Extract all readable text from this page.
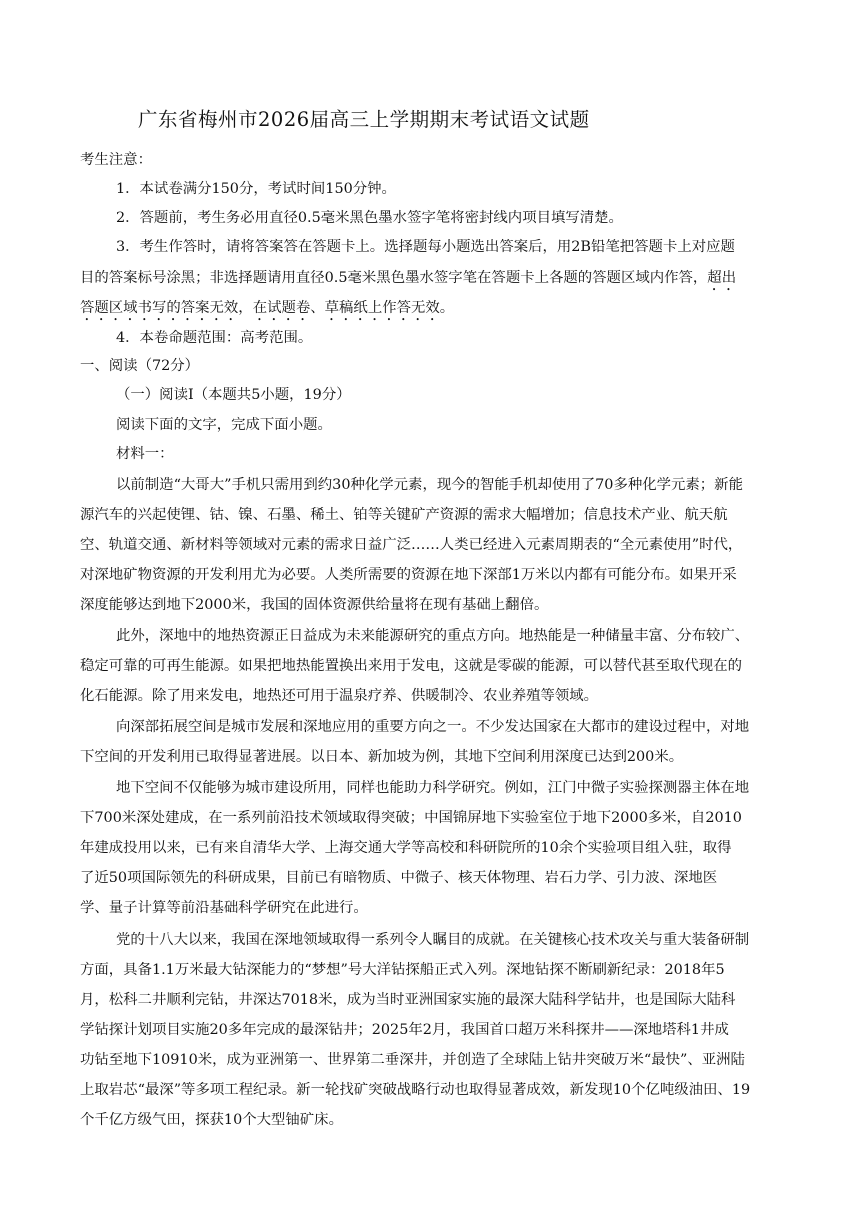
广东省梅州市2026届高三上学期期末考试语文试题
考生注意：
1．本试卷满分150分，考试时间150分钟。
2．答题前，考生务必用直径0.5毫米黑色墨水签字笔将密封线内项目填写清楚。
3．考生作答时，请将答案答在答题卡上。选择题每小题选出答案后，用2B铅笔把答题卡上对应题
目的答案标号涂黑；非选择题请用直径0.5毫米黑色墨水签字笔在答题卡上各题的答题区域内作答，超出
答题区域书写的答案无效，在试题卷、草稿纸上作答无效。
4．本卷命题范围：高考范围。
一、阅读（72分）
（一）阅读Ⅰ（本题共5小题，19分）
阅读下面的文字，完成下面小题。
材料一：
以前制造“大哥大”手机只需用到约30种化学元素，现今的智能手机却使用了70多种化学元素；新能
源汽车的兴起使锂、钴、镍、石墨、稀土、铂等关键矿产资源的需求大幅增加；信息技术产业、航天航
空、轨道交通、新材料等领域对元素的需求日益广泛……人类已经进入元素周期表的“全元素使用”时代，
对深地矿物资源的开发利用尤为必要。人类所需要的资源在地下深部1万米以内都有可能分布。如果开采
深度能够达到地下2000米，我国的固体资源供给量将在现有基础上翻倍。
此外，深地中的地热资源正日益成为未来能源研究的重点方向。地热能是一种储量丰富、分布较广、
稳定可靠的可再生能源。如果把地热能置换出来用于发电，这就是零碳的能源，可以替代甚至取代现在的
化石能源。除了用来发电，地热还可用于温泉疗养、供暖制冷、农业养殖等领域。
向深部拓展空间是城市发展和深地应用的重要方向之一。不少发达国家在大都市的建设过程中，对地
下空间的开发利用已取得显著进展。以日本、新加坡为例，其地下空间利用深度已达到200米。
地下空间不仅能够为城市建设所用，同样也能助力科学研究。例如，江门中微子实验探测器主体在地
下700米深处建成，在一系列前沿技术领域取得突破；中国锦屏地下实验室位于地下2000多米，自2010
年建成投用以来，已有来自清华大学、上海交通大学等高校和科研院所的10余个实验项目组入驻，取得
了近50项国际领先的科研成果，目前已有暗物质、中微子、核天体物理、岩石力学、引力波、深地医
学、量子计算等前沿基础科学研究在此进行。
党的十八大以来，我国在深地领域取得一系列令人瞩目的成就。在关键核心技术攻关与重大装备研制
方面，具备1.1万米最大钻深能力的“梦想”号大洋钻探船正式入列。深地钻探不断刷新纪录：2018年5
月，松科二井顺利完钻，井深达7018米，成为当时亚洲国家实施的最深大陆科学钻井，也是国际大陆科
学钻探计划项目实施20多年完成的最深钻井；2025年2月，我国首口超万米科探井——深地塔科1井成
功钻至地下10910米，成为亚洲第一、世界第二垂深井，并创造了全球陆上钻井突破万米“最快”、亚洲陆
上取岩芯“最深”等多项工程纪录。新一轮找矿突破战略行动也取得显著成效，新发现10个亿吨级油田、19
个千亿方级气田，探获10个大型铀矿床。
